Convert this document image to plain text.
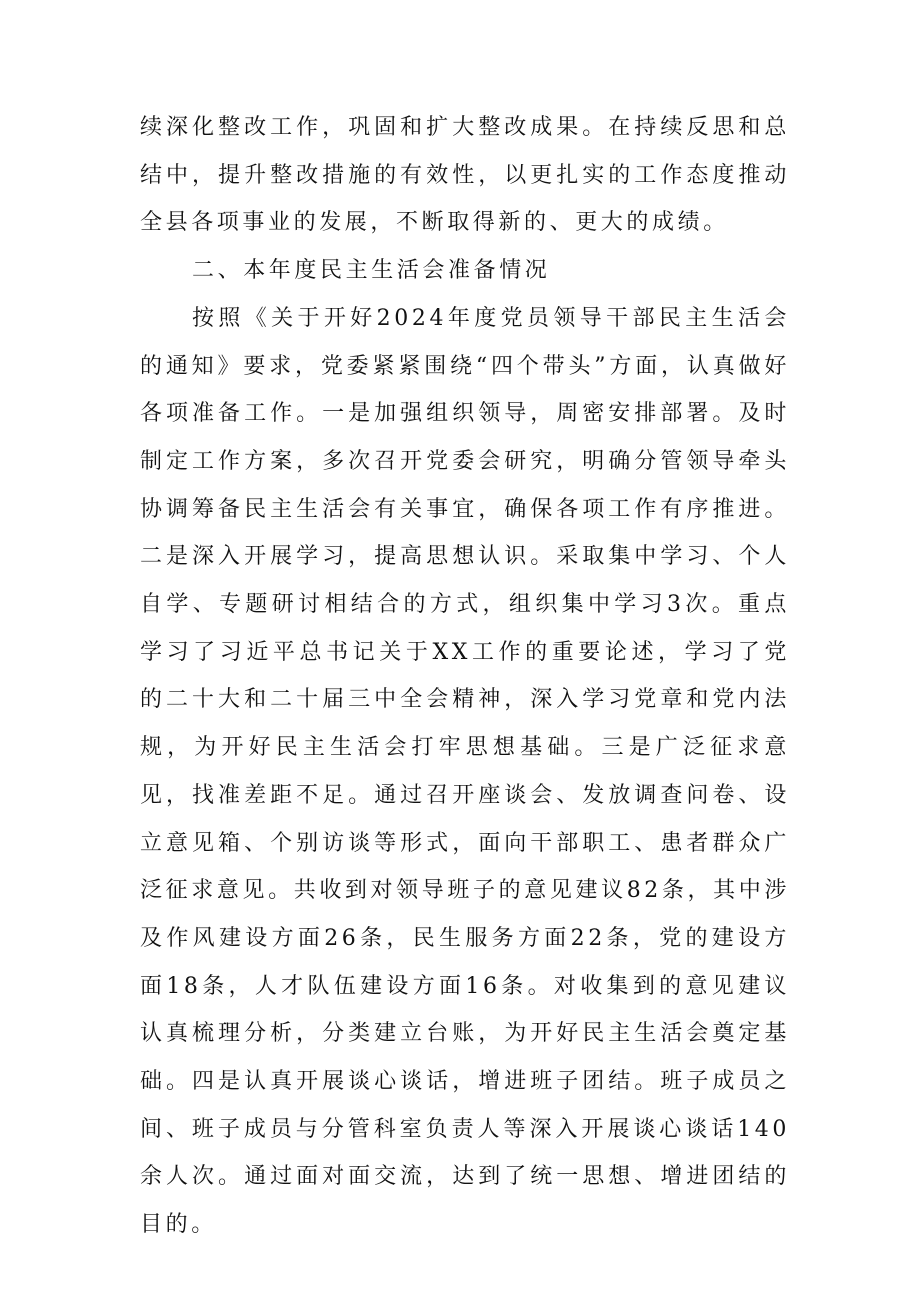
续深化整改工作，巩固和扩大整改成果。在持续反思和总结中，提升整改措施的有效性，以更扎实的工作态度推动全县各项事业的发展，不断取得新的、更大的成绩。

二、本年度民主生活会准备情况

按照《关于开好2024年度党员领导干部民主生活会的通知》要求，党委紧紧围绕“四个带头”方面，认真做好各项准备工作。一是加强组织领导，周密安排部署。及时制定工作方案，多次召开党委会研究，明确分管领导牵头协调筹备民主生活会有关事宜，确保各项工作有序推进。二是深入开展学习，提高思想认识。采取集中学习、个人自学、专题研讨相结合的方式，组织集中学习3次。重点学习了习近平总书记关于XX工作的重要论述，学习了党的二十大和二十届三中全会精神，深入学习党章和党内法规，为开好民主生活会打牢思想基础。三是广泛征求意见，找准差距不足。通过召开座谈会、发放调查问卷、设立意见箱、个别访谈等形式，面向干部职工、患者群众广泛征求意见。共收到对领导班子的意见建议82条，其中涉及作风建设方面26条，民生服务方面22条，党的建设方面18条，人才队伍建设方面16条。对收集到的意见建议认真梳理分析，分类建立台账，为开好民主生活会奠定基础。四是认真开展谈心谈话，增进班子团结。班子成员之间、班子成员与分管科室负责人等深入开展谈心谈话140余人次。通过面对面交流，达到了统一思想、增进团结的目的。
